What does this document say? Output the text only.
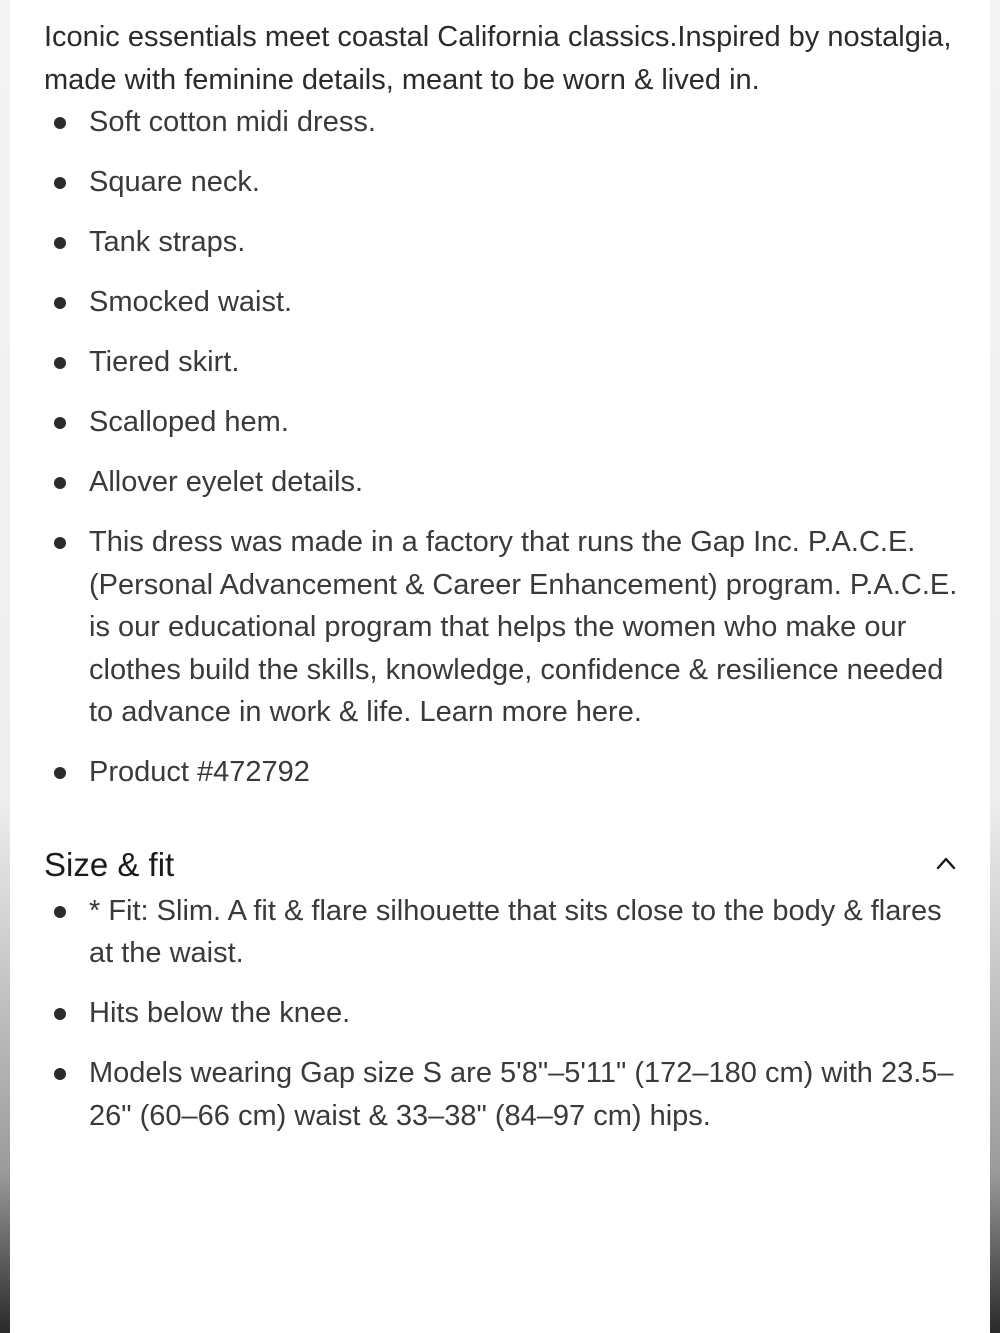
Iconic essentials meet coastal California classics.Inspired by nostalgia, made with feminine details, meant to be worn & lived in.

Soft cotton midi dress.
Square neck.
Tank straps.
Smocked waist.
Tiered skirt.
Scalloped hem.
Allover eyelet details.
This dress was made in a factory that runs the Gap Inc. P.A.C.E. (Personal Advancement & Career Enhancement) program. P.A.C.E. is our educational program that helps the women who make our clothes build the skills, knowledge, confidence & resilience needed to advance in work & life. Learn more here.
Product #472792
Size & fit
* Fit: Slim. A fit & flare silhouette that sits close to the body & flares at the waist.
Hits below the knee.
Models wearing Gap size S are 5'8"–5'11" (172–180 cm) with 23.5–26" (60–66 cm) waist & 33–38" (84–97 cm) hips.
